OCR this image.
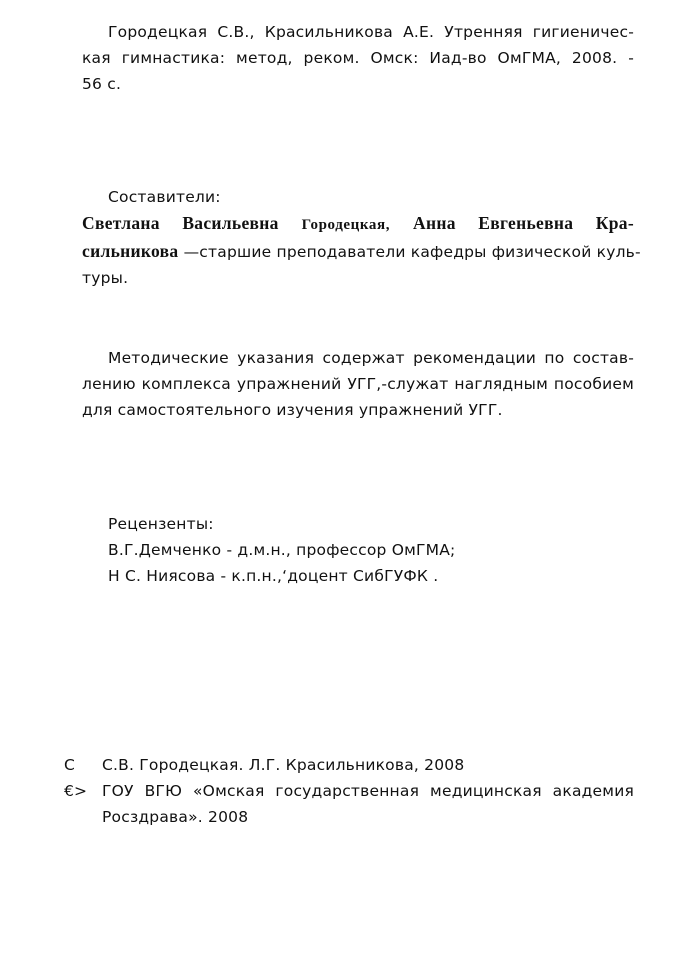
Городецкая С.В., Красильникова А.Е. Утренняя гигиеничес-
кая гимнастика: метод, реком. Омск: Иад-во ОмГМА, 2008. -
56 с.
Составители:
Светлана Васильевна Городецкая, Анна Евгеньевна Кра-
сильникова —старшие преподаватели кафедры физической куль-
туры.
Методические указания содержат рекомендации по состав-
лению комплекса упражнений УГГ,-служат наглядным пособием
для самостоятельного изучения упражнений УГГ.
Рецензенты:
В.Г.Демченко - д.м.н., профессор ОмГМА;
Н С. Ниясова - к.п.н.,‘доцент СибГУФК .
С	С.В. Городецкая. Л.Г. Красильникова, 2008
€> ГОУ ВГЮ «Омская государственная медицинская академия
Росздрава». 2008
